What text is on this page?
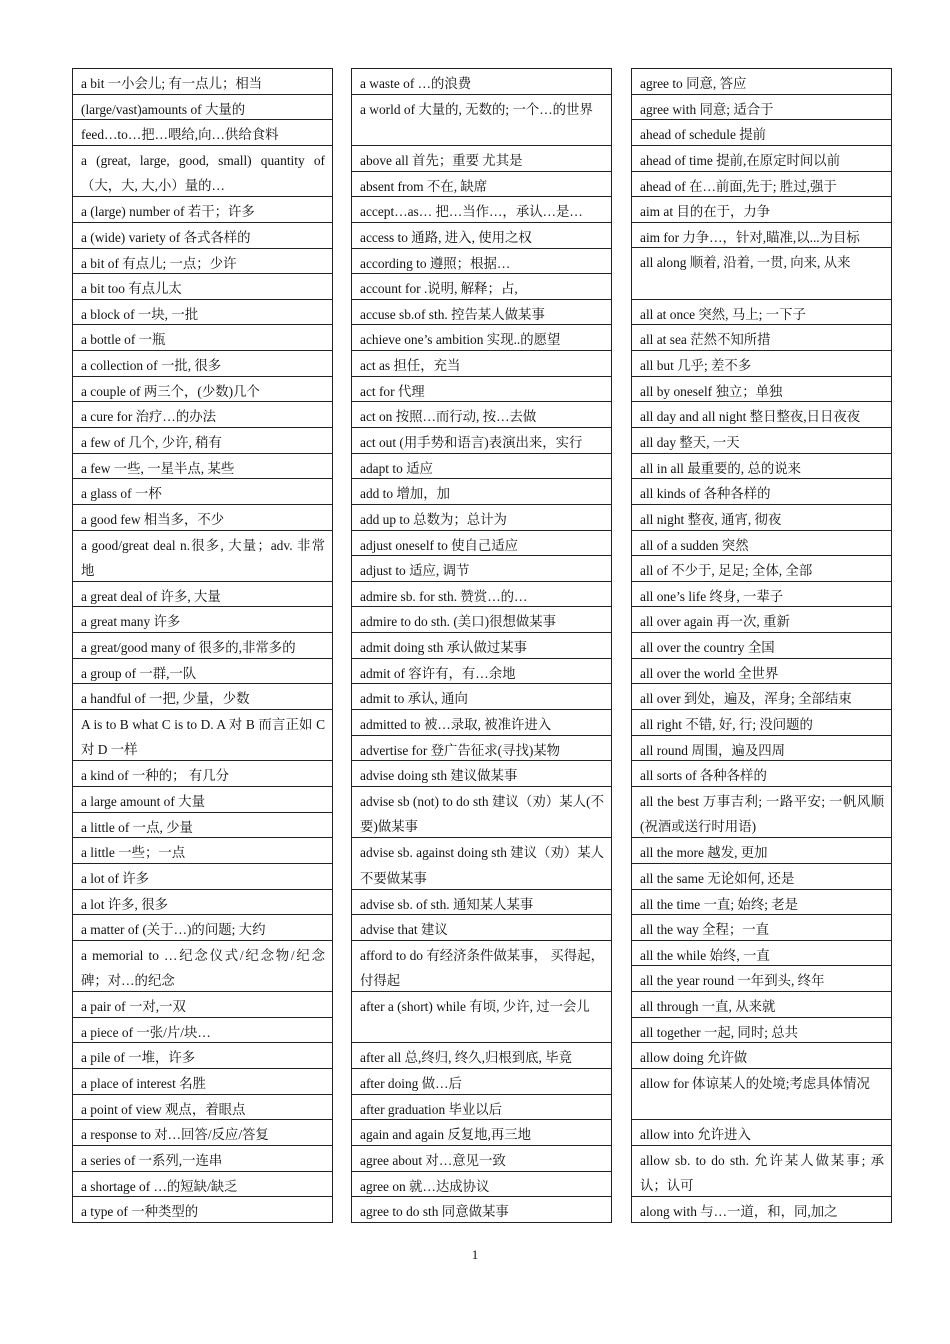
a bit 一小会儿; 有一点儿；相当
(large/vast)amounts of 大量的
feed…to…把…喂给,向…供给食料
a (great, large, good, small) quantity of （大，大, 大,小）量的…
a (large) number of 若干；许多
a (wide) variety of 各式各样的
a bit of 有点儿; 一点；少许
a bit too 有点儿太
a block of 一块, 一批
a bottle of 一瓶
a collection of 一批, 很多
a couple of 两三个，(少数)几个
a cure for 治疗…的办法
a few of 几个, 少许, 稍有
a few 一些, 一星半点, 某些
a glass of 一杯
a good few 相当多，不少
a good/great deal n.很多, 大量；adv. 非常地
a great deal of 许多, 大量
a great many 许多
a great/good many of 很多的,非常多的
a group of 一群,一队
a handful of 一把, 少量，少数
A is to B what C is to D. A 对 B 而言正如 C 对 D 一样
a kind of 一种的； 有几分
a large amount of 大量
a little of 一点, 少量
a little 一些；一点
a lot of 许多
a lot 许多, 很多
a matter of (关于…)的问题; 大约
a memorial to …纪念仪式/纪念物/纪念碑；对…的纪念
a pair of 一对,一双
a piece of 一张/片/块…
a pile of 一堆，许多
a place of interest 名胜
a point of view 观点，着眼点
a response to 对…回答/反应/答复
a series of 一系列,一连串
a shortage of …的短缺/缺乏
a type of 一种类型的
a waste of …的浪费
a world of 大量的, 无数的; 一个…的世界
above all 首先；重要 尤其是
absent from 不在, 缺席
accept…as… 把…当作…，承认…是…
access to 通路, 进入, 使用之权
according to 遵照；根据…
account for .说明, 解释；占,
accuse sb.of sth. 控告某人做某事
achieve one’s ambition 实现..的愿望
act as 担任，充当
act for 代理
act on 按照…而行动, 按…去做
act out (用手势和语言)表演出来，实行
adapt to 适应
add to 增加，加
add up to 总数为；总计为
adjust oneself to 使自己适应
adjust to 适应, 调节
admire sb. for sth. 赞赏…的…
admire to do sth. (美口)很想做某事
admit doing sth 承认做过某事
admit of 容许有，有…余地
admit to 承认, 通向
admitted to 被…录取, 被准许进入
advertise for 登广告征求(寻找)某物
advise doing sth 建议做某事
advise sb (not) to do sth 建议（劝）某人(不要)做某事
advise sb. against doing sth 建议（劝）某人不要做某事
advise sb. of sth. 通知某人某事
advise that 建议
afford to do 有经济条件做某事， 买得起，付得起
after a (short) while 有顷, 少许, 过一会儿
after all 总,终归, 终久,归根到底, 毕竟
after doing 做…后
after graduation 毕业以后
again and again 反复地,再三地
agree about 对…意见一致
agree on 就…达成协议
agree to do sth 同意做某事
agree to 同意, 答应
agree with 同意; 适合于
ahead of schedule 提前
ahead of time 提前,在原定时间以前
ahead of 在…前面,先于; 胜过,强于
aim at 目的在于，力争
aim for 力争…，针对,瞄准,以...为目标
all along 顺着, 沿着, 一贯, 向来, 从来
all at once 突然, 马上; 一下子
all at sea 茫然不知所措
all but 几乎; 差不多
all by oneself 独立；单独
all day and all night 整日整夜,日日夜夜
all day 整天, 一天
all in all 最重要的, 总的说来
all kinds of 各种各样的
all night 整夜, 通宵, 彻夜
all of a sudden 突然
all of 不少于, 足足; 全体, 全部
all one’s life 终身, 一辈子
all over again 再一次, 重新
all over the country 全国
all over the world 全世界
all over 到处，遍及，浑身; 全部结束
all right 不错, 好, 行; 没问题的
all round 周围，遍及四周
all sorts of 各种各样的
all the best 万事吉利; 一路平安; 一帆风顺(祝酒或送行时用语)
all the more 越发, 更加
all the same 无论如何, 还是
all the time 一直; 始终; 老是
all the way 全程；一直
all the while 始终, 一直
all the year round 一年到头, 终年
all through 一直, 从来就
all together 一起, 同时; 总共
allow doing 允许做
allow for 体谅某人的处境;考虑具体情况
allow into 允许进入
allow sb. to do sth. 允许某人做某事; 承认；认可
along with 与…一道，和，同,加之
1
